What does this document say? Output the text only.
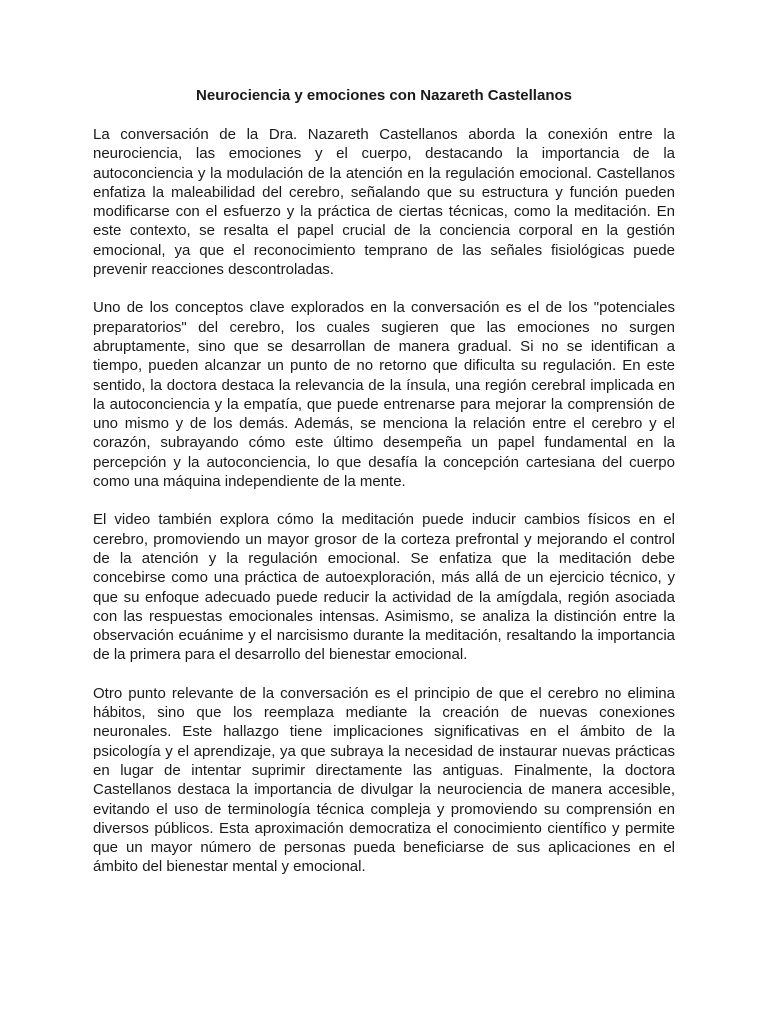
Neurociencia y emociones con Nazareth Castellanos

La conversación de la Dra. Nazareth Castellanos aborda la conexión entre la neurociencia, las emociones y el cuerpo, destacando la importancia de la autoconciencia y la modulación de la atención en la regulación emocional. Castellanos enfatiza la maleabilidad del cerebro, señalando que su estructura y función pueden modificarse con el esfuerzo y la práctica de ciertas técnicas, como la meditación. En este contexto, se resalta el papel crucial de la conciencia corporal en la gestión emocional, ya que el reconocimiento temprano de las señales fisiológicas puede prevenir reacciones descontroladas.

Uno de los conceptos clave explorados en la conversación es el de los "potenciales preparatorios" del cerebro, los cuales sugieren que las emociones no surgen abruptamente, sino que se desarrollan de manera gradual. Si no se identifican a tiempo, pueden alcanzar un punto de no retorno que dificulta su regulación. En este sentido, la doctora destaca la relevancia de la ínsula, una región cerebral implicada en la autoconciencia y la empatía, que puede entrenarse para mejorar la comprensión de uno mismo y de los demás. Además, se menciona la relación entre el cerebro y el corazón, subrayando cómo este último desempeña un papel fundamental en la percepción y la autoconciencia, lo que desafía la concepción cartesiana del cuerpo como una máquina independiente de la mente.

El video también explora cómo la meditación puede inducir cambios físicos en el cerebro, promoviendo un mayor grosor de la corteza prefrontal y mejorando el control de la atención y la regulación emocional. Se enfatiza que la meditación debe concebirse como una práctica de autoexploración, más allá de un ejercicio técnico, y que su enfoque adecuado puede reducir la actividad de la amígdala, región asociada con las respuestas emocionales intensas. Asimismo, se analiza la distinción entre la observación ecuánime y el narcisismo durante la meditación, resaltando la importancia de la primera para el desarrollo del bienestar emocional.

Otro punto relevante de la conversación es el principio de que el cerebro no elimina hábitos, sino que los reemplaza mediante la creación de nuevas conexiones neuronales. Este hallazgo tiene implicaciones significativas en el ámbito de la psicología y el aprendizaje, ya que subraya la necesidad de instaurar nuevas prácticas en lugar de intentar suprimir directamente las antiguas. Finalmente, la doctora Castellanos destaca la importancia de divulgar la neurociencia de manera accesible, evitando el uso de terminología técnica compleja y promoviendo su comprensión en diversos públicos. Esta aproximación democratiza el conocimiento científico y permite que un mayor número de personas pueda beneficiarse de sus aplicaciones en el ámbito del bienestar mental y emocional.
